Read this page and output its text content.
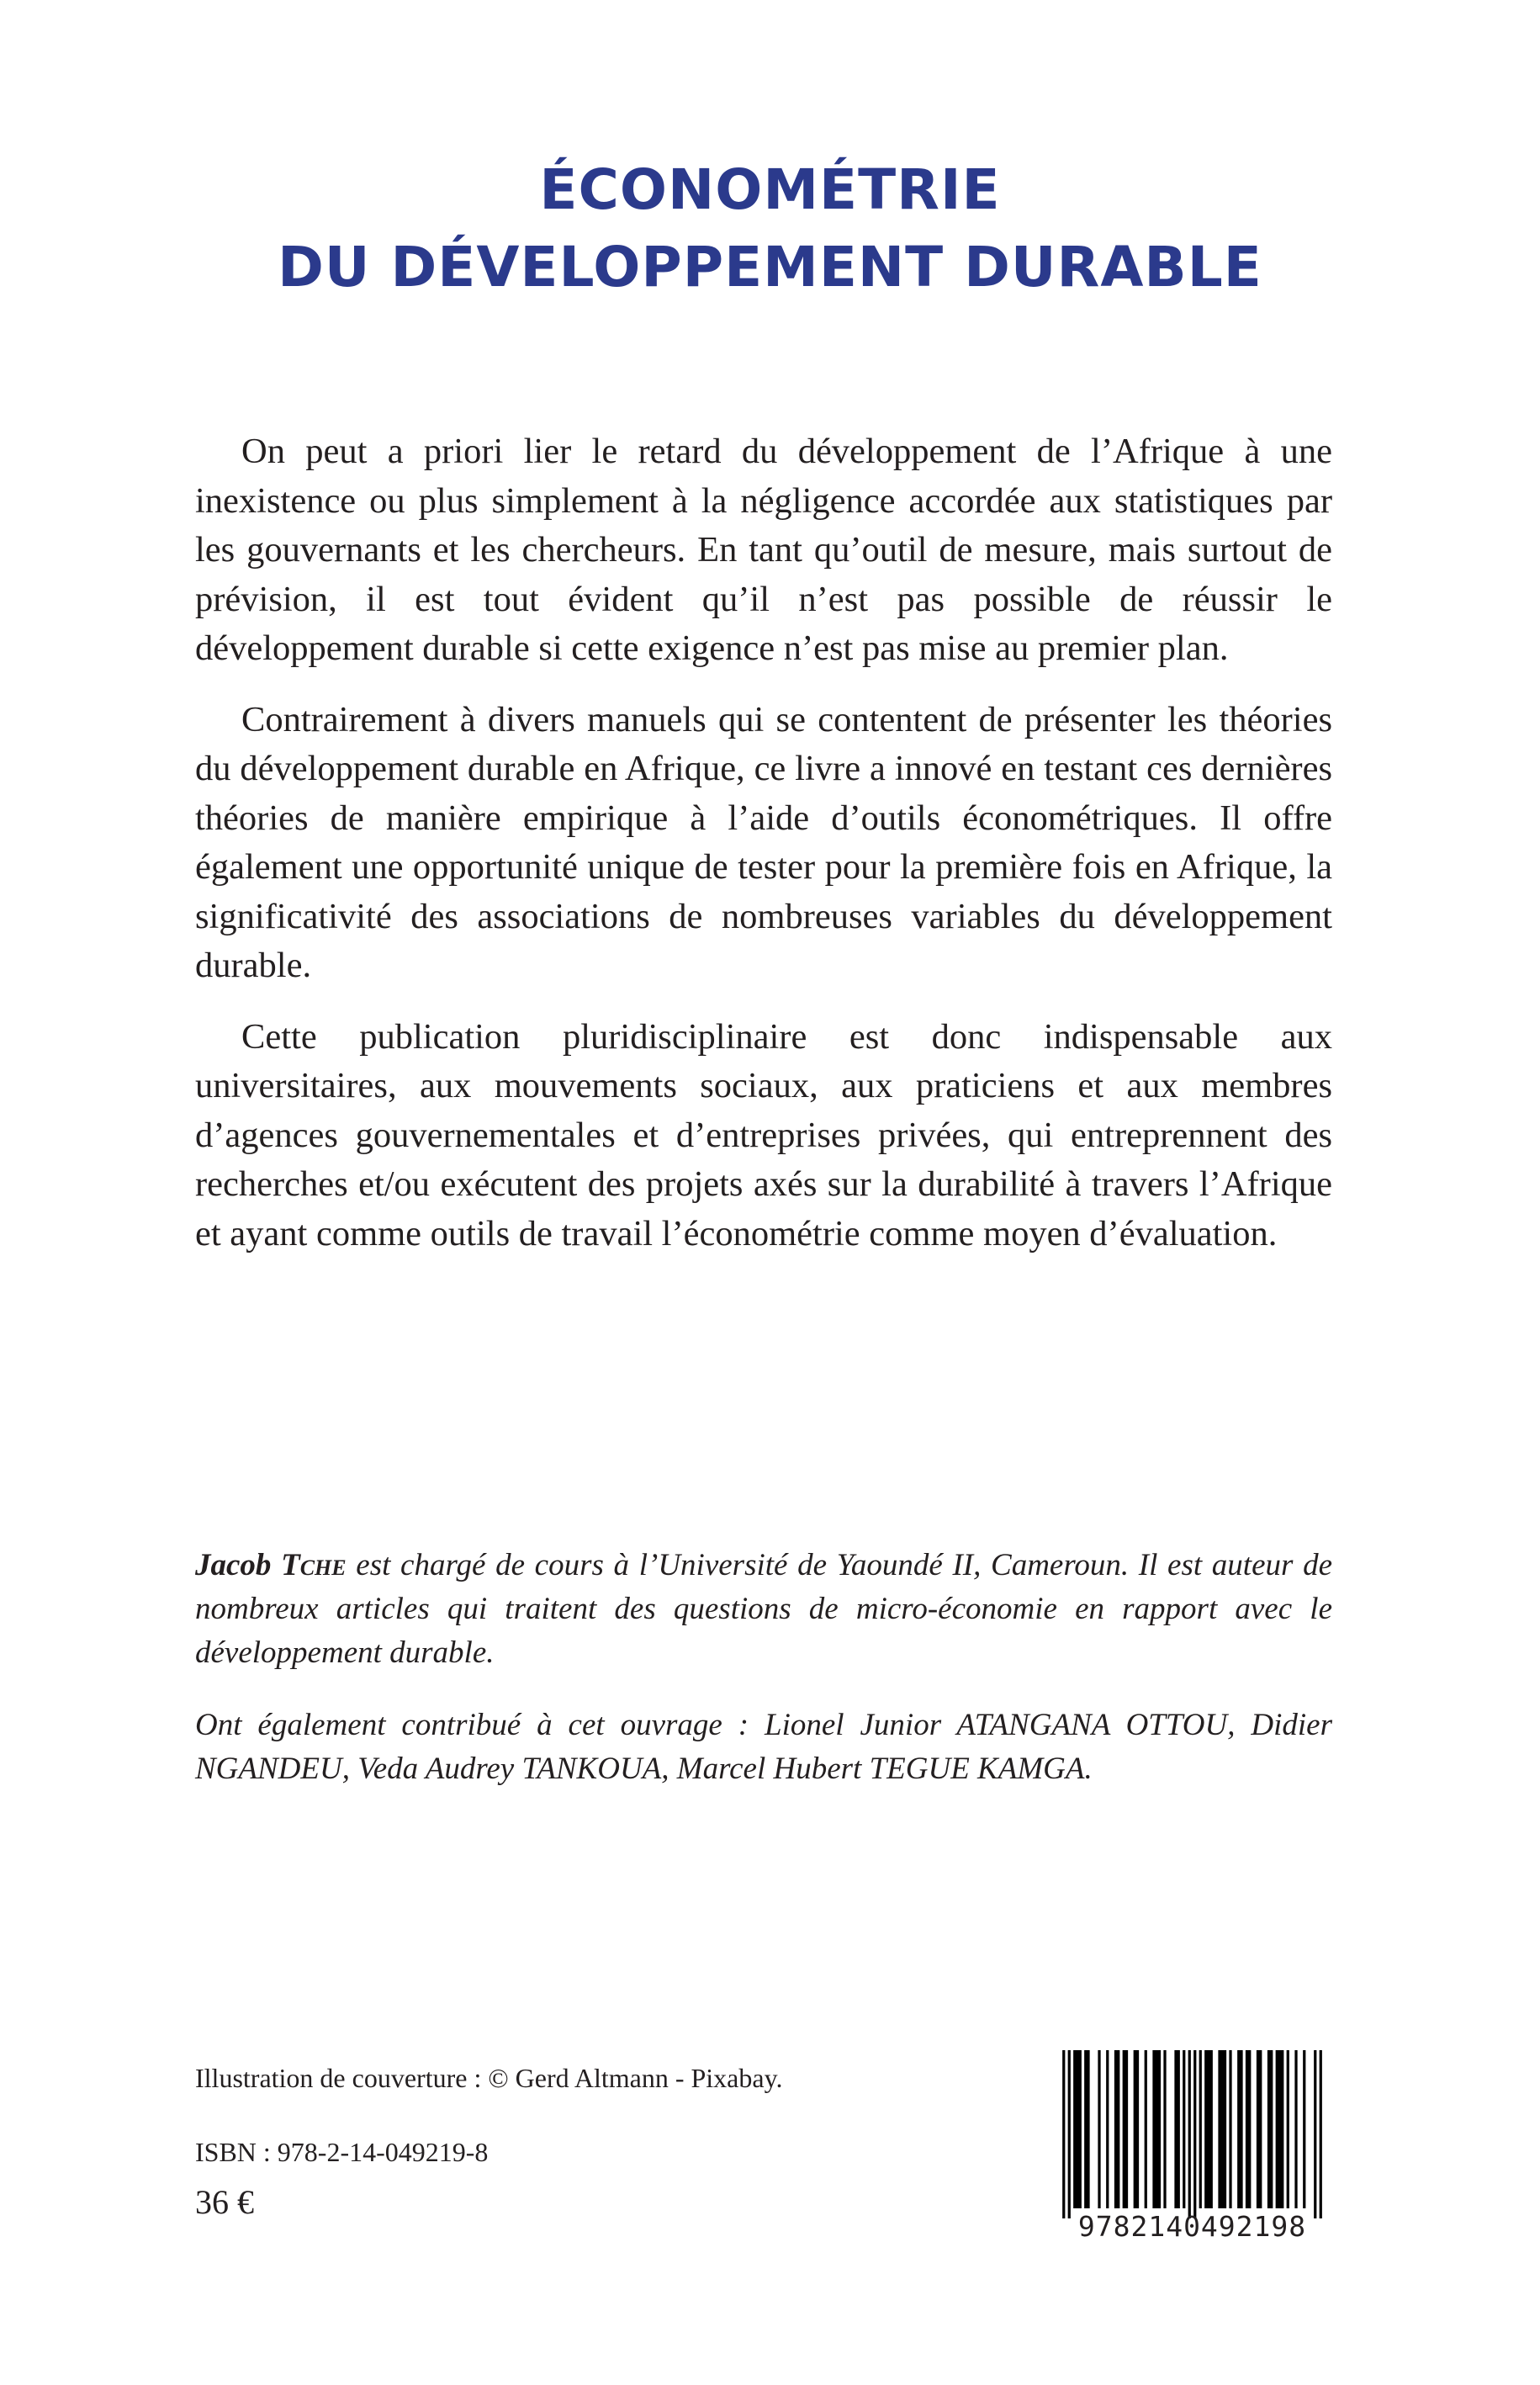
ÉCONOMÉTRIE
DU DÉVELOPPEMENT DURABLE

On peut a priori lier le retard du développement de l’Afrique à une inexistence ou plus simplement à la négligence accordée aux statistiques par les gouvernants et les chercheurs. En tant qu’outil de mesure, mais surtout de prévision, il est tout évident qu’il n’est pas possible de réussir le développement durable si cette exigence n’est pas mise au premier plan.

Contrairement à divers manuels qui se contentent de présenter les théories du développement durable en Afrique, ce livre a innové en testant ces dernières théories de manière empirique à l’aide d’outils économétriques. Il offre également une opportunité unique de tester pour la première fois en Afrique, la significativité des associations de nombreuses variables du développement durable.

Cette publication pluridisciplinaire est donc indispensable aux universitaires, aux mouvements sociaux, aux praticiens et aux membres d’agences gouvernementales et d’entreprises privées, qui entreprennent des recherches et/ou exécutent des projets axés sur la durabilité à travers l’Afrique et ayant comme outils de travail l’économétrie comme moyen d’évaluation.

Jacob Tche est chargé de cours à l’Université de Yaoundé II, Cameroun. Il est auteur de nombreux articles qui traitent des questions de micro-économie en rapport avec le développement durable.

Ont également contribué à cet ouvrage : Lionel Junior ATANGANA OTTOU, Didier NGANDEU, Veda Audrey TANKOUA, Marcel Hubert TEGUE KAMGA.

Illustration de couverture : © Gerd Altmann - Pixabay.
ISBN : 978-2-14-049219-8
36 €
9782140492198
